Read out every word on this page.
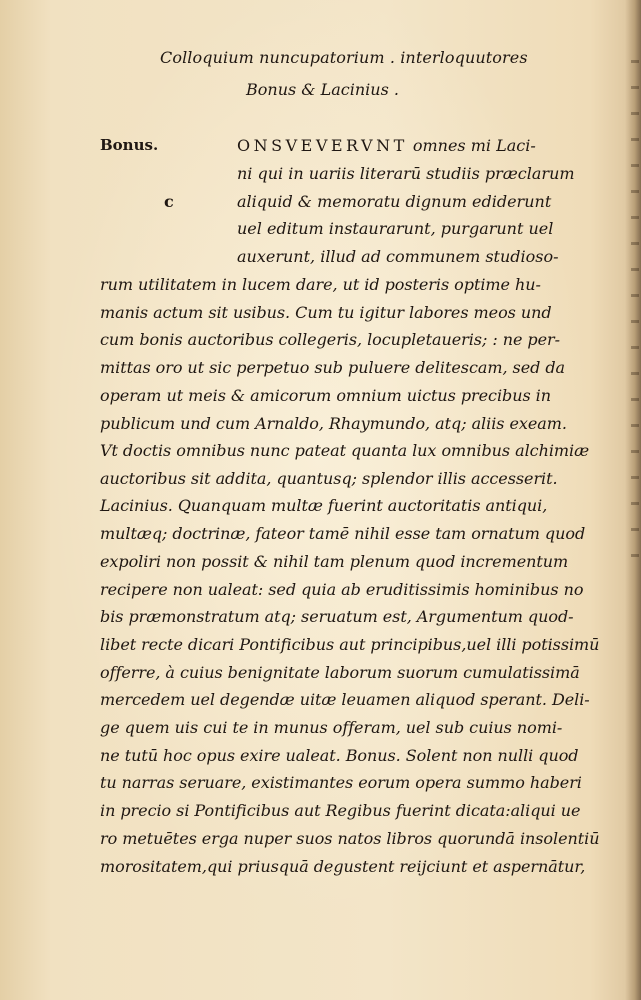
Colloquium nuncupatorium . interloquutores
Bonus & Lacinius .
Bonus.
c
ONSVEVERVNT omnes mi Laci-
ni qui in uariis literarū studiis præclarum
aliquid & memoratu dignum ediderunt
uel editum instaurarunt, purgarunt uel
auxerunt, illud ad communem studioso-
rum utilitatem in lucem dare, ut id posteris optime hu-
manis actum sit usibus. Cum tu igitur labores meos und
cum bonis auctoribus collegeris, locupletaueris; : ne per-
mittas oro ut sic perpetuo sub puluere delitescam, sed da
operam ut meis & amicorum omnium uictus precibus in
publicum und cum Arnaldo, Rhaymundo, atq; aliis exeam.
Vt doctis omnibus nunc pateat quanta lux omnibus alchimiæ
auctoribus sit addita, quantusq; splendor illis accesserit.
Lacinius. Quanquam multæ fuerint auctoritatis antiqui,
multæq; doctrinæ, fateor tamē nihil esse tam ornatum quod
expoliri non possit & nihil tam plenum quod incrementum
recipere non ualeat: sed quia ab eruditissimis hominibus no
bis præmonstratum atq; seruatum est, Argumentum quod-
libet recte dicari Pontificibus aut principibus,uel illi potissimū
offerre, à cuius benignitate laborum suorum cumulatissimā
mercedem uel degendæ uitæ leuamen aliquod sperant. Deli-
ge quem uis cui te in munus offeram, uel sub cuius nomi-
ne tutū hoc opus exire ualeat. Bonus. Solent non nulli quod
tu narras seruare, existimantes eorum opera summo haberi
in precio si Pontificibus aut Regibus fuerint dicata:aliqui ue
ro metuētes erga nuper suos natos libros quorundā insolentiū
morositatem,qui priusquā degustent reijciunt et aspernātur,
